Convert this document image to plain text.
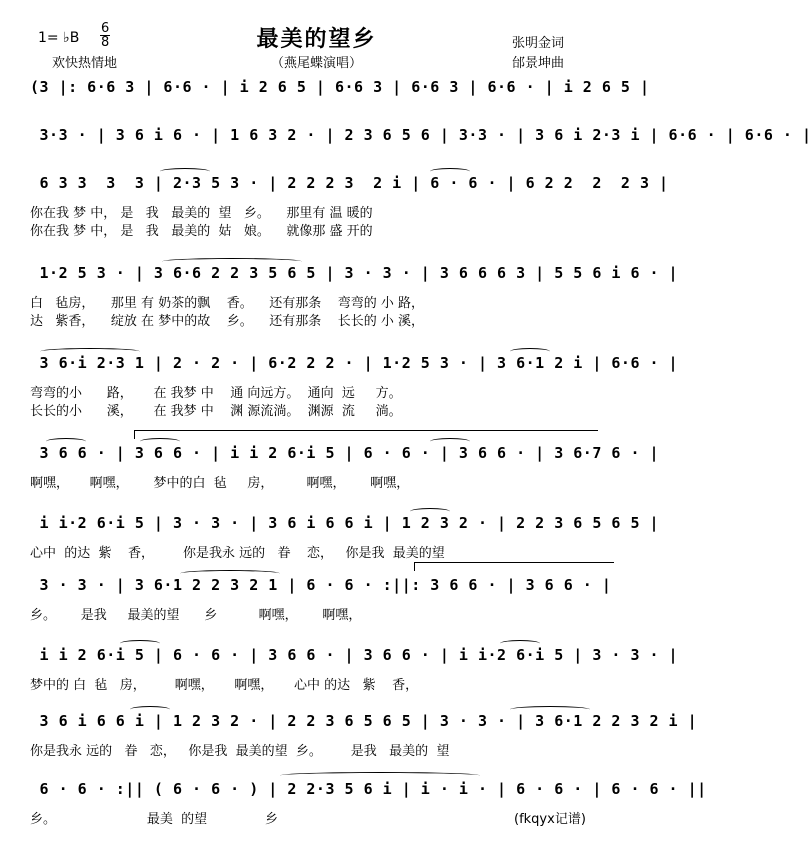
1= ♭B
6
8	最美的望乡	张明金词
欢快热情地	（燕尾蝶演唱）	邰景坤曲
(3 |: 6·6 3 | 6·6 · | i 2 6 5 | 6·6 3 | 6·6 3 | 6·6 · | i 2 6 5 |
3·3 · | 3 6 i 6 · | 1 6 3 2 · | 2 3 6 5 6 | 3·3 · | 3 6 i 2·3 i | 6·6 · | 6·6 · |
6 3 3  3  3 | 2·3 5 3 · | 2 2 2 3  2 i | 6 · 6 · | 6 2 2  2  2 3 |
你在我 梦 中， 是   我   最美的  望   乡。    那里有 温 暖的
你在我 梦 中， 是   我   最美的  姑   娘。    就像那 盛 开的
1·2 5 3 · | 3 6·6 2 2 3 5 6 5 | 3 · 3 · | 3 6 6 6 3 | 5 5 6 i 6 · |
白   毡房，    那里 有 奶茶的飘    香。    还有那条    弯弯的 小 路，
达   紫香，    绽放 在 梦中的故    乡。    还有那条    长长的 小 溪，
3 6·i 2·3 1 | 2 · 2 · | 6·2 2 2 · | 1·2 5 3 · | 3 6·1 2 i | 6·6 · |
弯弯的小      路，     在 我梦 中    通 向远方。  通向  远     方。
长长的小      溪，     在 我梦 中    渊 源流淌。  渊源  流     淌。
3 6 6 · | 3 6 6 · | i i 2 6·i 5 | 6 · 6 · | 3 6 6 · | 3 6·7 6 · |
啊嘿，     啊嘿，      梦中的白  毡     房，        啊嘿，      啊嘿，
i i·2 6·i 5 | 3 · 3 · | 3 6 i 6 6 i | 1 2 3 2 · | 2 2 3 6 5 6 5 |
心中  的达  紫    香，       你是我永 远的   眷    恋，   你是我  最美的望
3 · 3 · | 3 6·1 2 2 3 2 1 | 6 · 6 · :||: 3 6 6 · | 3 6 6 · |
乡。      是我     最美的望      乡          啊嘿，      啊嘿，
i i 2 6·i 5 | 6 · 6 · | 3 6 6 · | 3 6 6 · | i i·2 6·i 5 | 3 · 3 · |
梦中的 白  毡   房，       啊嘿，     啊嘿，     心中 的达   紫    香，
3 6 i 6 6 i | 1 2 3 2 · | 2 2 3 6 5 6 5 | 3 · 3 · | 3 6·1 2 2 3 2 i |
你是我永 远的   眷   恋，   你是我  最美的望  乡。       是我   最美的  望
6 · 6 · :|| ( 6 · 6 · ) | 2 2·3 5 6 i | i · i · | 6 · 6 · | 6 · 6 · ||
乡。                      最美  的望              乡	(fkqyx记谱)
